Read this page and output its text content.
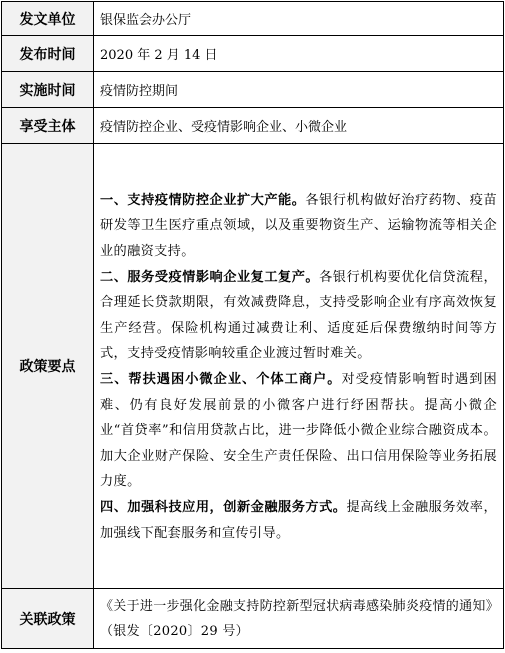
发文单位	银保监会办公厅
发布时间	2020 年 2 月 14 日
实施时间	疫情防控期间
享受主体	疫情防控企业、受疫情影响企业、小微企业
政策要点	一、支持疫情防控企业扩大产能。各银行机构做好治疗药物、疫苗研发等卫生医疗重点领域，以及重要物资生产、运输物流等相关企业的融资支持。

二、服务受疫情影响企业复工复产。各银行机构要优化信贷流程，合理延长贷款期限，有效减费降息，支持受影响企业有序高效恢复生产经营。保险机构通过减费让利、适度延后保费缴纳时间等方式，支持受疫情影响较重企业渡过暂时难关。

三、帮扶遇困小微企业、个体工商户。对受疫情影响暂时遇到困难、仍有良好发展前景的小微客户进行纾困帮扶。提高小微企业“首贷率”和信用贷款占比，进一步降低小微企业综合融资成本。加大企业财产保险、安全生产责任保险、出口信用保险等业务拓展力度。

四、加强科技应用，创新金融服务方式。提高线上金融服务效率，加强线下配套服务和宣传引导。

关联政策	《关于进一步强化金融支持防控新型冠状病毒感染肺炎疫情的通知》（银发〔2020〕29 号）
